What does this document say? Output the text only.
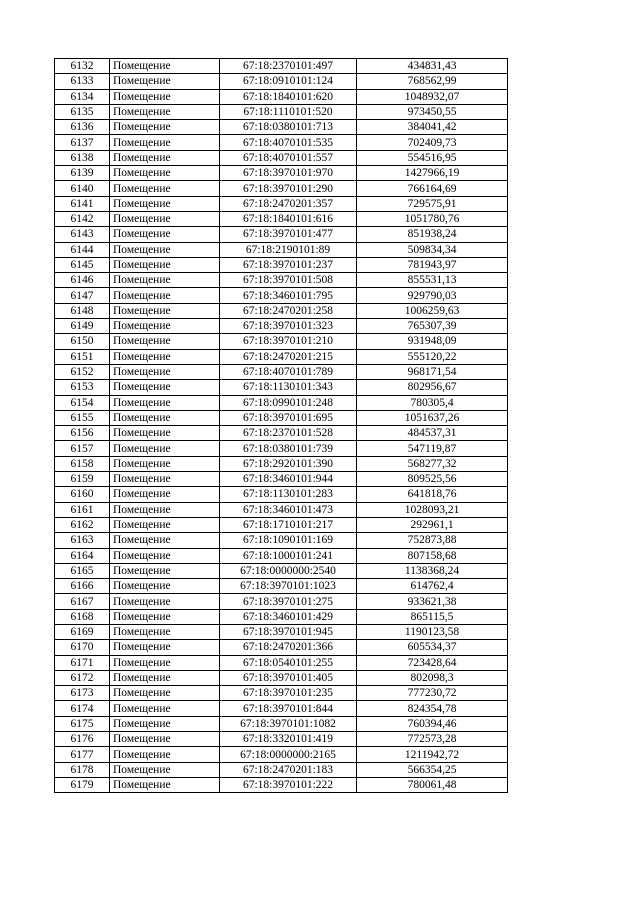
6132	Помещение	67:18:2370101:497	434831,43
6133	Помещение	67:18:0910101:124	768562,99
6134	Помещение	67:18:1840101:620	1048932,07
6135	Помещение	67:18:1110101:520	973450,55
6136	Помещение	67:18:0380101:713	384041,42
6137	Помещение	67:18:4070101:535	702409,73
6138	Помещение	67:18:4070101:557	554516,95
6139	Помещение	67:18:3970101:970	1427966,19
6140	Помещение	67:18:3970101:290	766164,69
6141	Помещение	67:18:2470201:357	729575,91
6142	Помещение	67:18:1840101:616	1051780,76
6143	Помещение	67:18:3970101:477	851938,24
6144	Помещение	67:18:2190101:89	509834,34
6145	Помещение	67:18:3970101:237	781943,97
6146	Помещение	67:18:3970101:508	855531,13
6147	Помещение	67:18:3460101:795	929790,03
6148	Помещение	67:18:2470201:258	1006259,63
6149	Помещение	67:18:3970101:323	765307,39
6150	Помещение	67:18:3970101:210	931948,09
6151	Помещение	67:18:2470201:215	555120,22
6152	Помещение	67:18:4070101:789	968171,54
6153	Помещение	67:18:1130101:343	802956,67
6154	Помещение	67:18:0990101:248	780305,4
6155	Помещение	67:18:3970101:695	1051637,26
6156	Помещение	67:18:2370101:528	484537,31
6157	Помещение	67:18:0380101:739	547119,87
6158	Помещение	67:18:2920101:390	568277,32
6159	Помещение	67:18:3460101:944	809525,56
6160	Помещение	67:18:1130101:283	641818,76
6161	Помещение	67:18:3460101:473	1028093,21
6162	Помещение	67:18:1710101:217	292961,1
6163	Помещение	67:18:1090101:169	752873,88
6164	Помещение	67:18:1000101:241	807158,68
6165	Помещение	67:18:0000000:2540	1138368,24
6166	Помещение	67:18:3970101:1023	614762,4
6167	Помещение	67:18:3970101:275	933621,38
6168	Помещение	67:18:3460101:429	865115,5
6169	Помещение	67:18:3970101:945	1190123,58
6170	Помещение	67:18:2470201:366	605534,37
6171	Помещение	67:18:0540101:255	723428,64
6172	Помещение	67:18:3970101:405	802098,3
6173	Помещение	67:18:3970101:235	777230,72
6174	Помещение	67:18:3970101:844	824354,78
6175	Помещение	67:18:3970101:1082	760394,46
6176	Помещение	67:18:3320101:419	772573,28
6177	Помещение	67:18:0000000:2165	1211942,72
6178	Помещение	67:18:2470201:183	566354,25
6179	Помещение	67:18:3970101:222	780061,48
